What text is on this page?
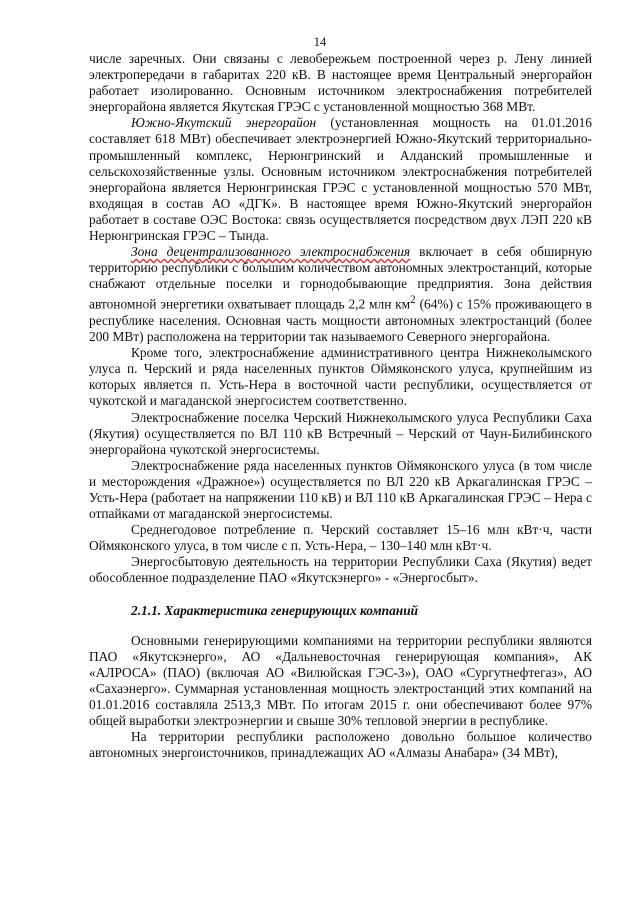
14

числе заречных. Они связаны с левобережьем построенной через р. Лену линией электропередачи в габаритах 220 кВ. В настоящее время Центральный энергорайон работает изолированно. Основным источником электроснабжения потребителей энергорайона является Якутская ГРЭС с установленной мощностью 368 МВт.

Южно-Якутский энергорайон (установленная мощность на 01.01.2016 составляет 618 МВт) обеспечивает электроэнергией Южно-Якутский территориально-промышленный комплекс, Нерюнгринский и Алданский промышленные и сельскохозяйственные узлы. Основным источником электроснабжения потребителей энергорайона является Нерюнгринская ГРЭС с установленной мощностью 570 МВт, входящая в состав АО «ДГК». В настоящее время Южно-Якутский энергорайон работает в составе ОЭС Востока: связь осуществляется посредством двух ЛЭП 220 кВ Нерюнгринская ГРЭС – Тында.

Зона децентрализованного электроснабжения включает в себя обширную территорию республики с большим количеством автономных электростанций, которые снабжают отдельные поселки и горнодобывающие предприятия. Зона действия автономной энергетики охватывает площадь 2,2 млн $км^2$ (64%) с 15% проживающего в республике населения. Основная часть мощности автономных электростанций (более 200 МВт) расположена на территории так называемого Северного энергорайона.

Кроме того, электроснабжение административного центра Нижнеколымского улуса п. Черский и ряда населенных пунктов Оймяконского улуса, крупнейшим из которых является п. Усть-Нера в восточной части республики, осуществляется от чукотской и магаданской энергосистем соответственно.

Электроснабжение поселка Черский Нижнеколымского улуса Республики Саха (Якутия) осуществляется по ВЛ 110 кВ Встречный – Черский от Чаун-Билибинского энергорайона чукотской энергосистемы.

Электроснабжение ряда населенных пунктов Оймяконского улуса (в том числе и месторождения «Дражное») осуществляется по ВЛ 220 кВ Аркагалинская ГРЭС – Усть-Нера (работает на напряжении 110 кВ) и ВЛ 110 кВ Аркагалинская ГРЭС – Нера с отпайками от магаданской энергосистемы.

Среднегодовое потребление п. Черский составляет 15–16 млн кВт·ч, части Оймяконского улуса, в том числе с п. Усть-Нера, – 130–140 млн кВт·ч.

Энергосбытовую деятельность на территории Республики Саха (Якутия) ведет обособленное подразделение ПАО «Якутскэнерго» - «Энергосбыт».

2.1.1. Характеристика генерирующих компаний

Основными генерирующими компаниями на территории республики являются ПАО «Якутскэнерго», АО «Дальневосточная генерирующая компания», АК «АЛРОСА» (ПАО) (включая АО «Вилюйская ГЭС-3»), ОАО «Сургутнефтегаз», АО «Сахаэнерго». Суммарная установленная мощность электростанций этих компаний на 01.01.2016 составляла 2513,3 МВт. По итогам 2015 г. они обеспечивают более 97% общей выработки электроэнергии и свыше 30% тепловой энергии в республике.

На территории республики расположено довольно большое количество автономных энергоисточников, принадлежащих АО «Алмазы Анабара» (34 МВт),
